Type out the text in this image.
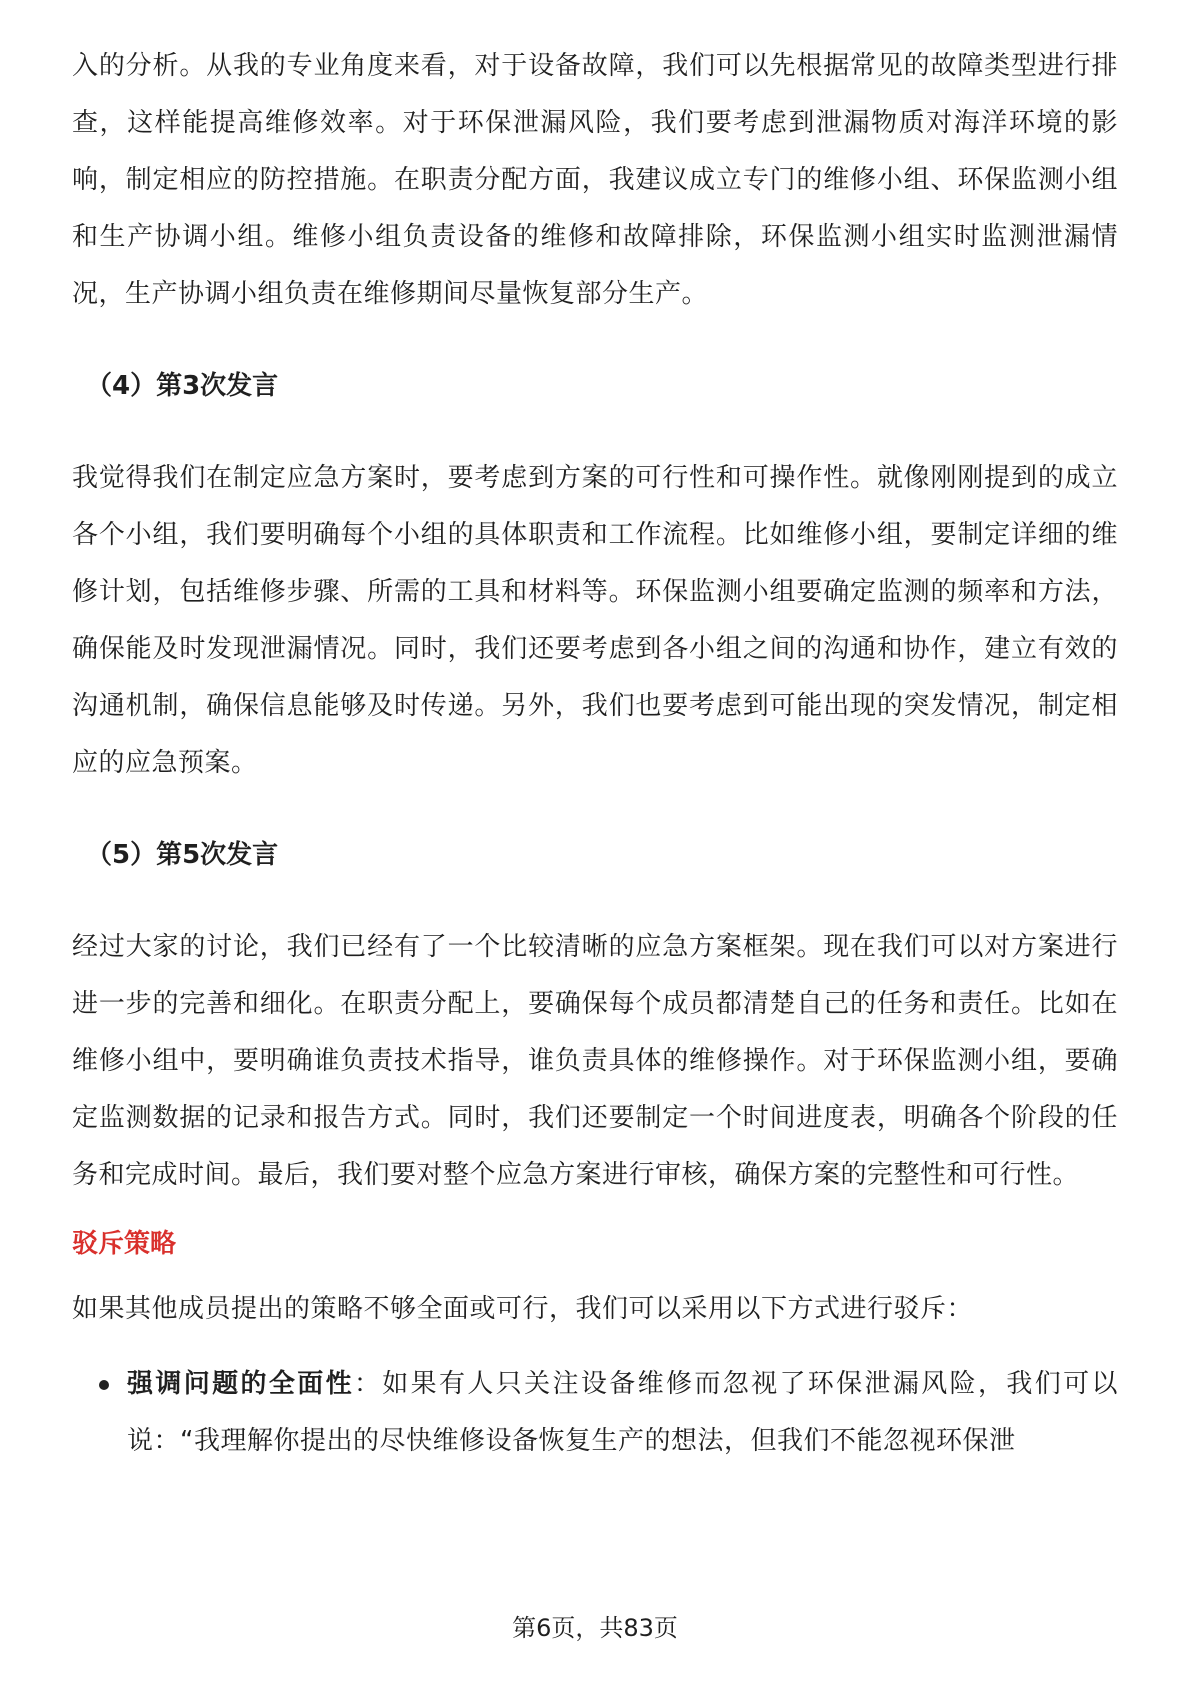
入的分析。从我的专业角度来看，对于设备故障，我们可以先根据常见的故障类型进行排查，这样能提高维修效率。对于环保泄漏风险，我们要考虑到泄漏物质对海洋环境的影响，制定相应的防控措施。在职责分配方面，我建议成立专门的维修小组、环保监测小组和生产协调小组。维修小组负责设备的维修和故障排除，环保监测小组实时监测泄漏情况，生产协调小组负责在维修期间尽量恢复部分生产。

（4）第3次发言

我觉得我们在制定应急方案时，要考虑到方案的可行性和可操作性。就像刚刚提到的成立各个小组，我们要明确每个小组的具体职责和工作流程。比如维修小组，要制定详细的维修计划，包括维修步骤、所需的工具和材料等。环保监测小组要确定监测的频率和方法，确保能及时发现泄漏情况。同时，我们还要考虑到各小组之间的沟通和协作，建立有效的沟通机制，确保信息能够及时传递。另外，我们也要考虑到可能出现的突发情况，制定相应的应急预案。

（5）第5次发言

经过大家的讨论，我们已经有了一个比较清晰的应急方案框架。现在我们可以对方案进行进一步的完善和细化。在职责分配上，要确保每个成员都清楚自己的任务和责任。比如在维修小组中，要明确谁负责技术指导，谁负责具体的维修操作。对于环保监测小组，要确定监测数据的记录和报告方式。同时，我们还要制定一个时间进度表，明确各个阶段的任务和完成时间。最后，我们要对整个应急方案进行审核，确保方案的完整性和可行性。

驳斥策略

如果其他成员提出的策略不够全面或可行，我们可以采用以下方式进行驳斥：

强调问题的全面性：如果有人只关注设备维修而忽视了环保泄漏风险，我们可以说：“我理解你提出的尽快维修设备恢复生产的想法，但我们不能忽视环保泄
第6页，共83页
